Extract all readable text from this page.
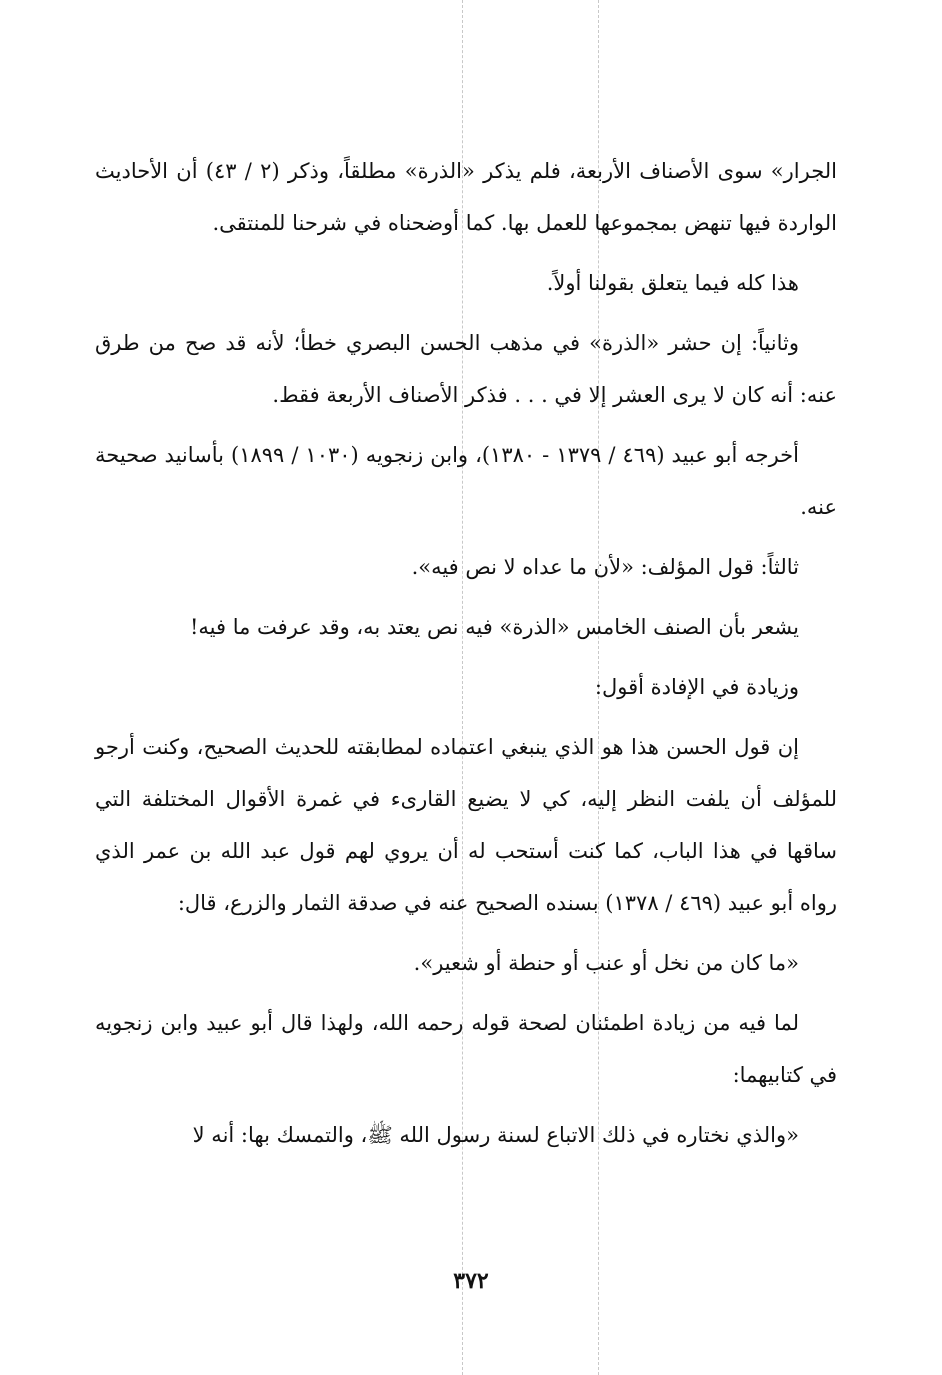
الجرار» سوى الأصناف الأربعة، فلم يذكر «الذرة» مطلقاً، وذكر (٢ / ٤٣) أن الأحاديث الواردة فيها تنهض بمجموعها للعمل بها. كما أوضحناه في شرحنا للمنتقى.

هذا كله فيما يتعلق بقولنا أولاً.

وثانياً: إن حشر «الذرة» في مذهب الحسن البصري خطأ؛ لأنه قد صح من طرق عنه: أنه كان لا يرى العشر إلا في . . . فذكر الأصناف الأربعة فقط.

أخرجه أبو عبيد (٤٦٩ / ١٣٧٩ - ١٣٨٠)، وابن زنجويه (١٠٣٠ / ١٨٩٩) بأسانيد صحيحة عنه.

ثالثاً: قول المؤلف: «لأن ما عداه لا نص فيه».

يشعر بأن الصنف الخامس «الذرة» فيه نص يعتد به، وقد عرفت ما فيه!

وزيادة في الإفادة أقول:

إن قول الحسن هذا هو الذي ينبغي اعتماده لمطابقته للحديث الصحيح، وكنت أرجو للمؤلف أن يلفت النظر إليه، كي لا يضيع القارىء في غمرة الأقوال المختلفة التي ساقها في هذا الباب، كما كنت أستحب له أن يروي لهم قول عبد الله بن عمر الذي رواه أبو عبيد (٤٦٩ / ١٣٧٨) بسنده الصحيح عنه في صدقة الثمار والزرع، قال:

«ما كان من نخل أو عنب أو حنطة أو شعير».

لما فيه من زيادة اطمئنان لصحة قوله رحمه الله، ولهذا قال أبو عبيد وابن زنجويه في كتابيهما:

«والذي نختاره في ذلك الاتباع لسنة رسول الله ﷺ، والتمسك بها: أنه لا

٣٧٢
